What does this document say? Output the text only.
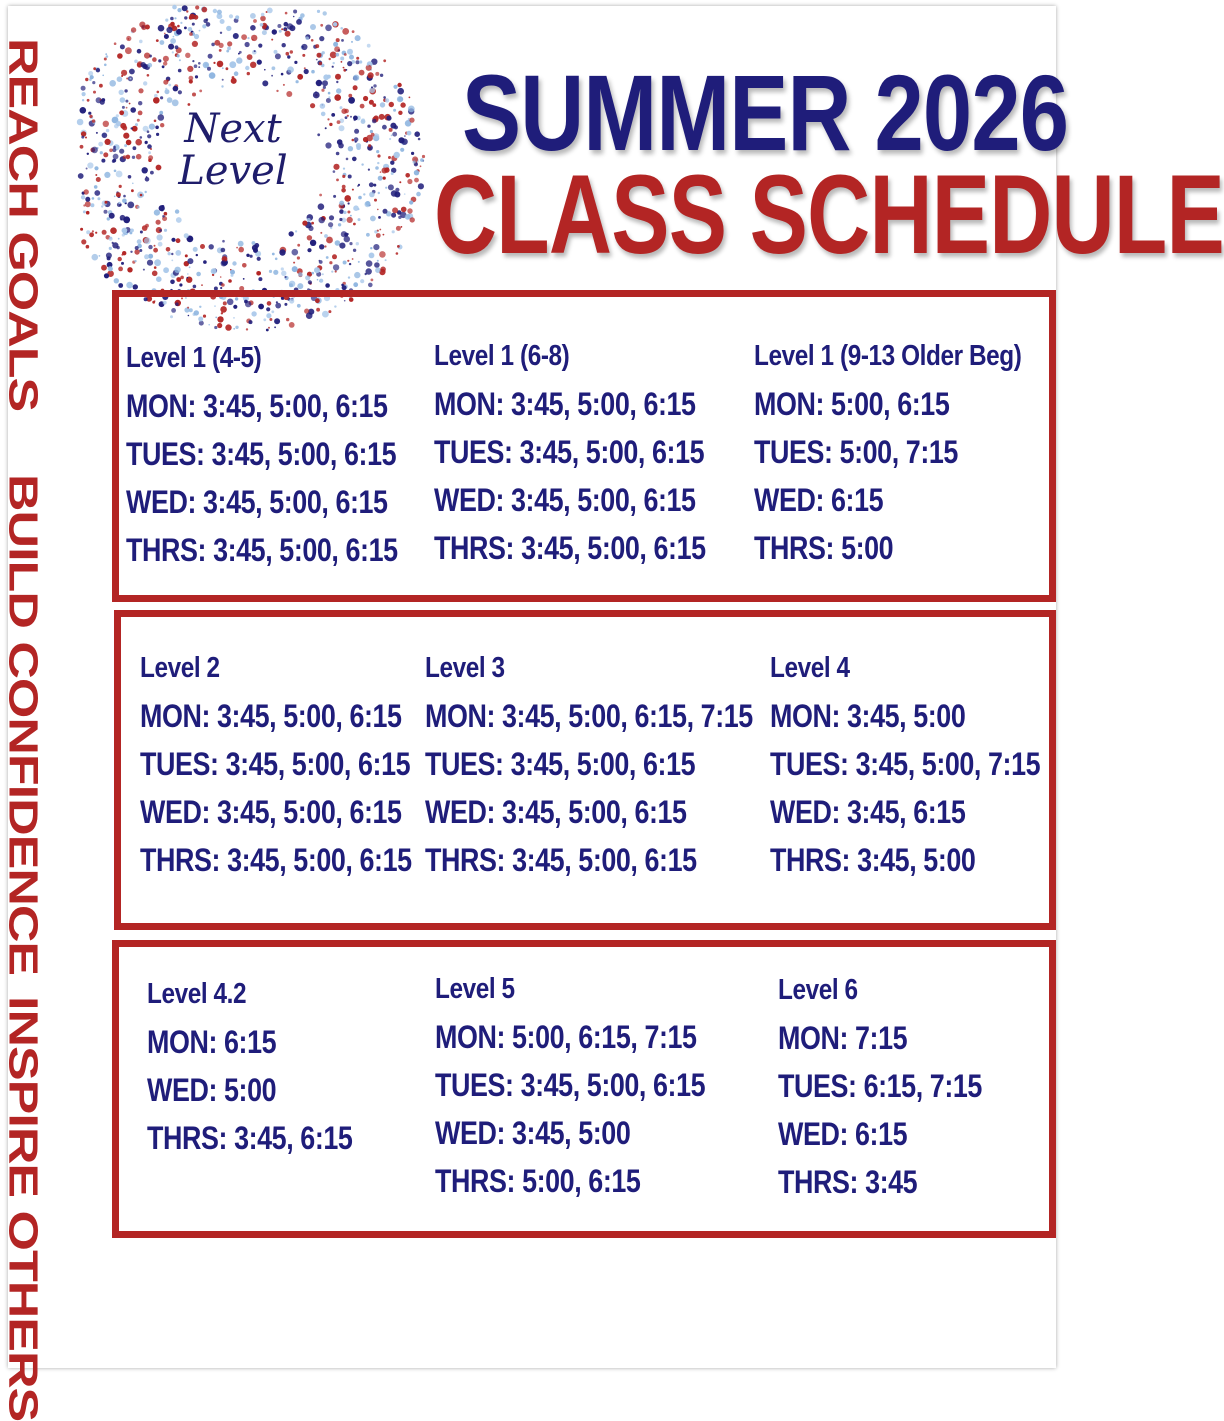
REACH GOALS
BUILD CONFIDENCE
INSPIRE OTHERS
Next
Level SUMMER 2026
CLASS SCHEDULE
Level 1 (4-5)
MON: 3:45, 5:00, 6:15
TUES: 3:45, 5:00, 6:15
WED: 3:45, 5:00, 6:15
THRS: 3:45, 5:00, 6:15
Level 1 (6-8)
MON: 3:45, 5:00, 6:15
TUES: 3:45, 5:00, 6:15
WED: 3:45, 5:00, 6:15
THRS: 3:45, 5:00, 6:15
Level 1 (9-13 Older Beg)
MON: 5:00, 6:15
TUES: 5:00, 7:15
WED: 6:15
THRS: 5:00
Level 2
MON: 3:45, 5:00, 6:15
TUES: 3:45, 5:00, 6:15
WED: 3:45, 5:00, 6:15
THRS: 3:45, 5:00, 6:15
Level 3
MON: 3:45, 5:00, 6:15, 7:15
TUES: 3:45, 5:00, 6:15
WED: 3:45, 5:00, 6:15
THRS: 3:45, 5:00, 6:15
Level 4
MON: 3:45, 5:00
TUES: 3:45, 5:00, 7:15
WED: 3:45, 6:15
THRS: 3:45, 5:00
Level 4.2
MON: 6:15
WED: 5:00
THRS: 3:45, 6:15
Level 5
MON: 5:00, 6:15, 7:15
TUES: 3:45, 5:00, 6:15
WED: 3:45, 5:00
THRS: 5:00, 6:15
Level 6
MON: 7:15
TUES: 6:15, 7:15
WED: 6:15
THRS: 3:45
